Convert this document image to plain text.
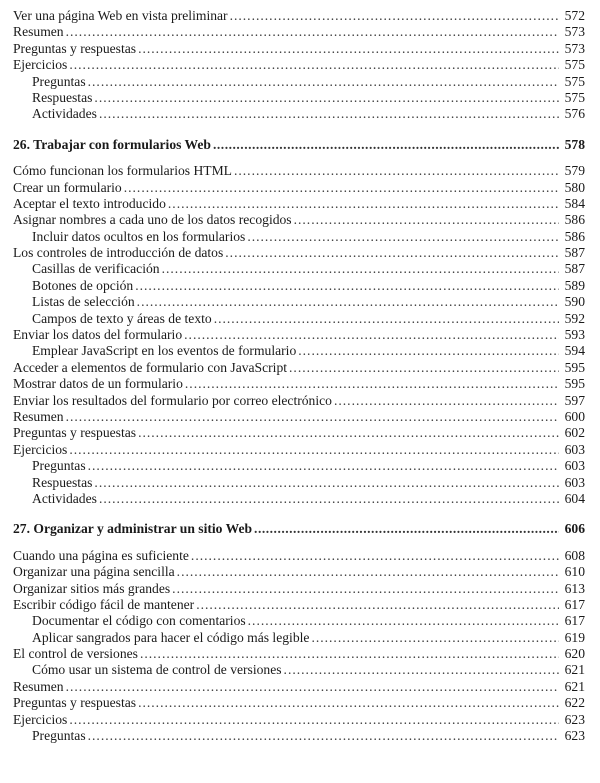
Ver una página Web en vista preliminar .....	572
Resumen .....	573
Preguntas y respuestas .....	573
Ejercicios .....	575
Preguntas .....	575
Respuestas .....	575
Actividades .....	576
26. Trabajar con formularios Web .....	578
Cómo funcionan los formularios HTML .....	579
Crear un formulario .....	580
Aceptar el texto introducido .....	584
Asignar nombres a cada uno de los datos recogidos .....	586
Incluir datos ocultos en los formularios .....	586
Los controles de introducción de datos .....	587
Casillas de verificación .....	587
Botones de opción .....	589
Listas de selección .....	590
Campos de texto y áreas de texto .....	592
Enviar los datos del formulario .....	593
Emplear JavaScript en los eventos de formulario .....	594
Acceder a elementos de formulario con JavaScript .....	595
Mostrar datos de un formulario .....	595
Enviar los resultados del formulario por correo electrónico .....	597
Resumen .....	600
Preguntas y respuestas .....	602
Ejercicios .....	603
Preguntas .....	603
Respuestas .....	603
Actividades .....	604
27. Organizar y administrar un sitio Web .....	606
Cuando una página es suficiente .....	608
Organizar una página sencilla .....	610
Organizar sitios más grandes .....	613
Escribir código fácil de mantener .....	617
Documentar el código con comentarios .....	617
Aplicar sangrados para hacer el código más legible .....	619
El control de versiones .....	620
Cómo usar un sistema de control de versiones .....	621
Resumen .....	621
Preguntas y respuestas .....	622
Ejercicios .....	623
Preguntas .....	623
